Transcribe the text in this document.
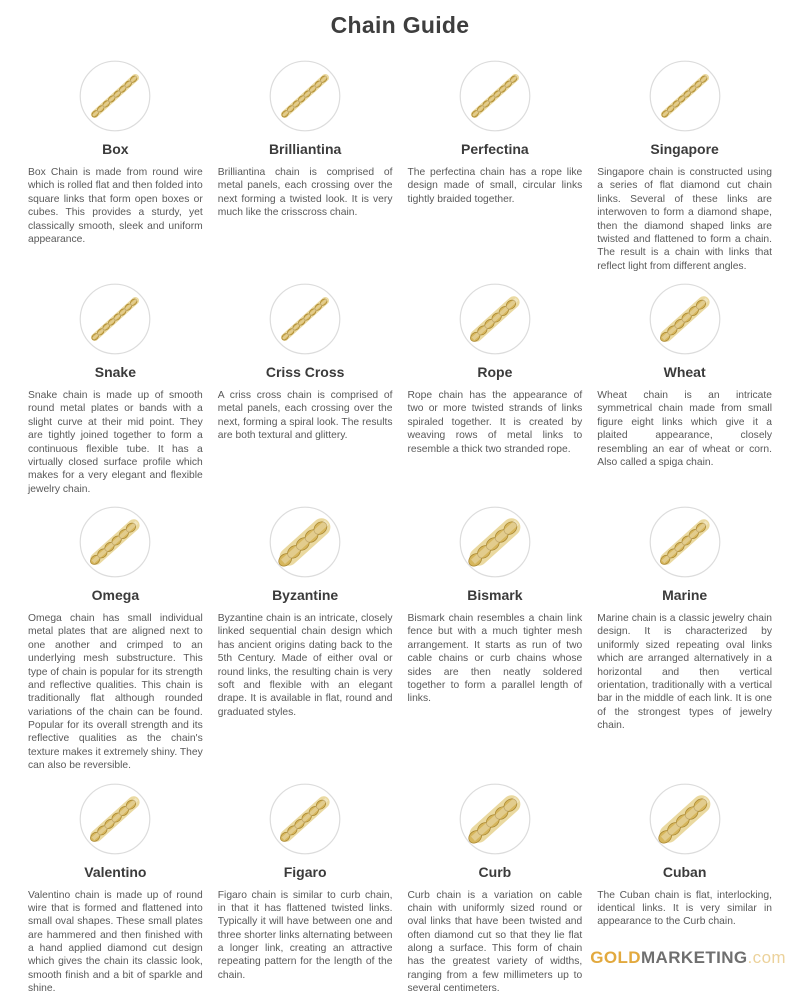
Chain Guide
Box

Box Chain is made from round wire which is rolled flat and then folded into square links that form open boxes or cubes. This provides a sturdy, yet classically smooth, sleek and uniform appearance.

Brilliantina

Brilliantina chain is comprised of metal panels, each crossing over the next forming a twisted look. It is very much like the crisscross chain.

Perfectina

The perfectina chain has a rope like design made of small, circular links tightly braided together.

Singapore

Singapore chain is constructed using a series of flat diamond cut chain links. Several of these links are interwoven to form a diamond shape, then the diamond shaped links are twisted and flattened to form a chain. The result is a chain with links that reflect light from different angles.

Snake

Snake chain is made up of smooth round metal plates or bands with a slight curve at their mid point. They are tightly joined together to form a continuous flexible tube. It has a virtually closed surface profile which makes for a very elegant and flexible jewelry chain.

Criss Cross

A criss cross chain is comprised of metal panels, each crossing over the next, forming a spiral look. The results are both textural and glittery.

Rope

Rope chain has the appearance of two or more twisted strands of links spiraled together. It is created by weaving rows of metal links to resemble a thick two stranded rope.

Wheat

Wheat chain is an intricate symmetrical chain made from small figure eight links which give it a plaited appearance, closely resembling an ear of wheat or corn. Also called a spiga chain.

Omega

Omega chain has small individual metal plates that are aligned next to one another and crimped to an underlying mesh substructure. This type of chain is popular for its strength and reflective qualities. This chain is traditionally flat although rounded variations of the chain can be found. Popular for its overall strength and its reflective qualities as the chain's texture makes it extremely shiny. They can also be reversible.

Byzantine

Byzantine chain is an intricate, closely linked sequential chain design which has ancient origins dating back to the 5th Century. Made of either oval or round links, the resulting chain is very soft and flexible with an elegant drape. It is available in flat, round and graduated styles.

Bismark

Bismark chain resembles a chain link fence but with a much tighter mesh arrangement. It starts as run of two cable chains or curb chains whose sides are then neatly soldered together to form a parallel length of links.

Marine

Marine chain is a classic jewelry chain design. It is characterized by uniformly sized repeating oval links which are arranged alternatively in a horizontal and then vertical orientation, traditionally with a vertical bar in the middle of each link. It is one of the strongest types of jewelry chain.

Valentino

Valentino chain is made up of round wire that is formed and flattened into small oval shapes. These small plates are hammered and then finished with a hand applied diamond cut design which gives the chain its classic look, smooth finish and a bit of sparkle and shine.

Figaro

Figaro chain is similar to curb chain, in that it has flattened twisted links. Typically it will have between one and three shorter links alternating between a longer link, creating an attractive repeating pattern for the length of the chain.

Curb

Curb chain is a variation on cable chain with uniformly sized round or oval links that have been twisted and often diamond cut so that they lie flat along a surface. This form of chain has the greatest variety of widths, ranging from a few millimeters up to several centimeters.

Cuban

The Cuban chain is flat, interlocking, identical links. It is very similar in appearance to the Curb chain.

GOLDMARKETING.com
